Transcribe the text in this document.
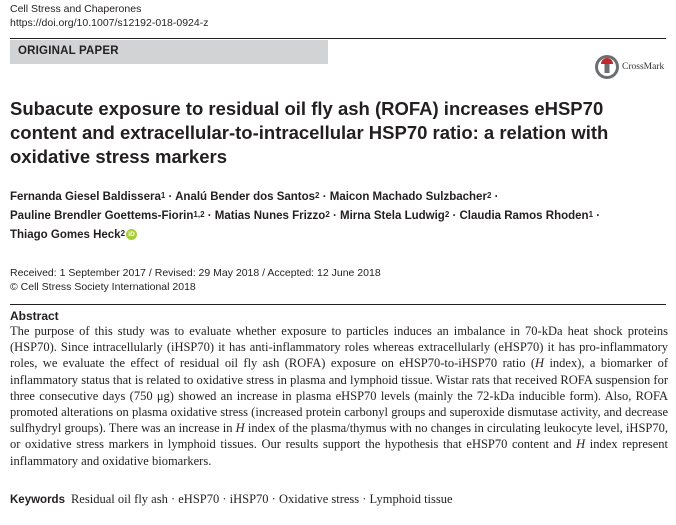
Cell Stress and Chaperones
https://doi.org/10.1007/s12192-018-0924-z
ORIGINAL PAPER
CrossMark
Subacute exposure to residual oil fly ash (ROFA) increases eHSP70 content and extracellular-to-intracellular HSP70 ratio: a relation with oxidative stress markers
Fernanda Giesel Baldissera$^1$ · Analú Bender dos Santos$^2$ · Maicon Machado Sulzbacher$^2$ ·
Pauline Brendler Goettems-Fiorin$^{1,2}$ · Matias Nunes Frizzo$^2$ · Mirna Stela Ludwig$^2$ · Claudia Ramos Rhoden$^1$ ·
Thiago Gomes Heck$^2$ iD
Received: 1 September 2017 / Revised: 29 May 2018 / Accepted: 12 June 2018
© Cell Stress Society International 2018
Abstract
The purpose of this study was to evaluate whether exposure to particles induces an imbalance in 70-kDa heat shock proteins (HSP70). Since intracellularly (iHSP70) it has anti-inflammatory roles whereas extracellularly (eHSP70) it has pro-inflammatory roles, we evaluate the effect of residual oil fly ash (ROFA) exposure on eHSP70-to-iHSP70 ratio (H index), a biomarker of inflammatory status that is related to oxidative stress in plasma and lymphoid tissue. Wistar rats that received ROFA suspension for three consecutive days (750 μg) showed an increase in plasma eHSP70 levels (mainly the 72-kDa inducible form). Also, ROFA promoted alterations on plasma oxidative stress (increased protein carbonyl groups and superoxide dismutase activity, and decrease sulfhydryl groups). There was an increase in H index of the plasma/thymus with no changes in circulating leukocyte level, iHSP70, or oxidative stress markers in lymphoid tissues. Our results support the hypothesis that eHSP70 content and H index represent inflammatory and oxidative biomarkers.
Keywords Residual oil fly ash · eHSP70 · iHSP70 · Oxidative stress · Lymphoid tissue
